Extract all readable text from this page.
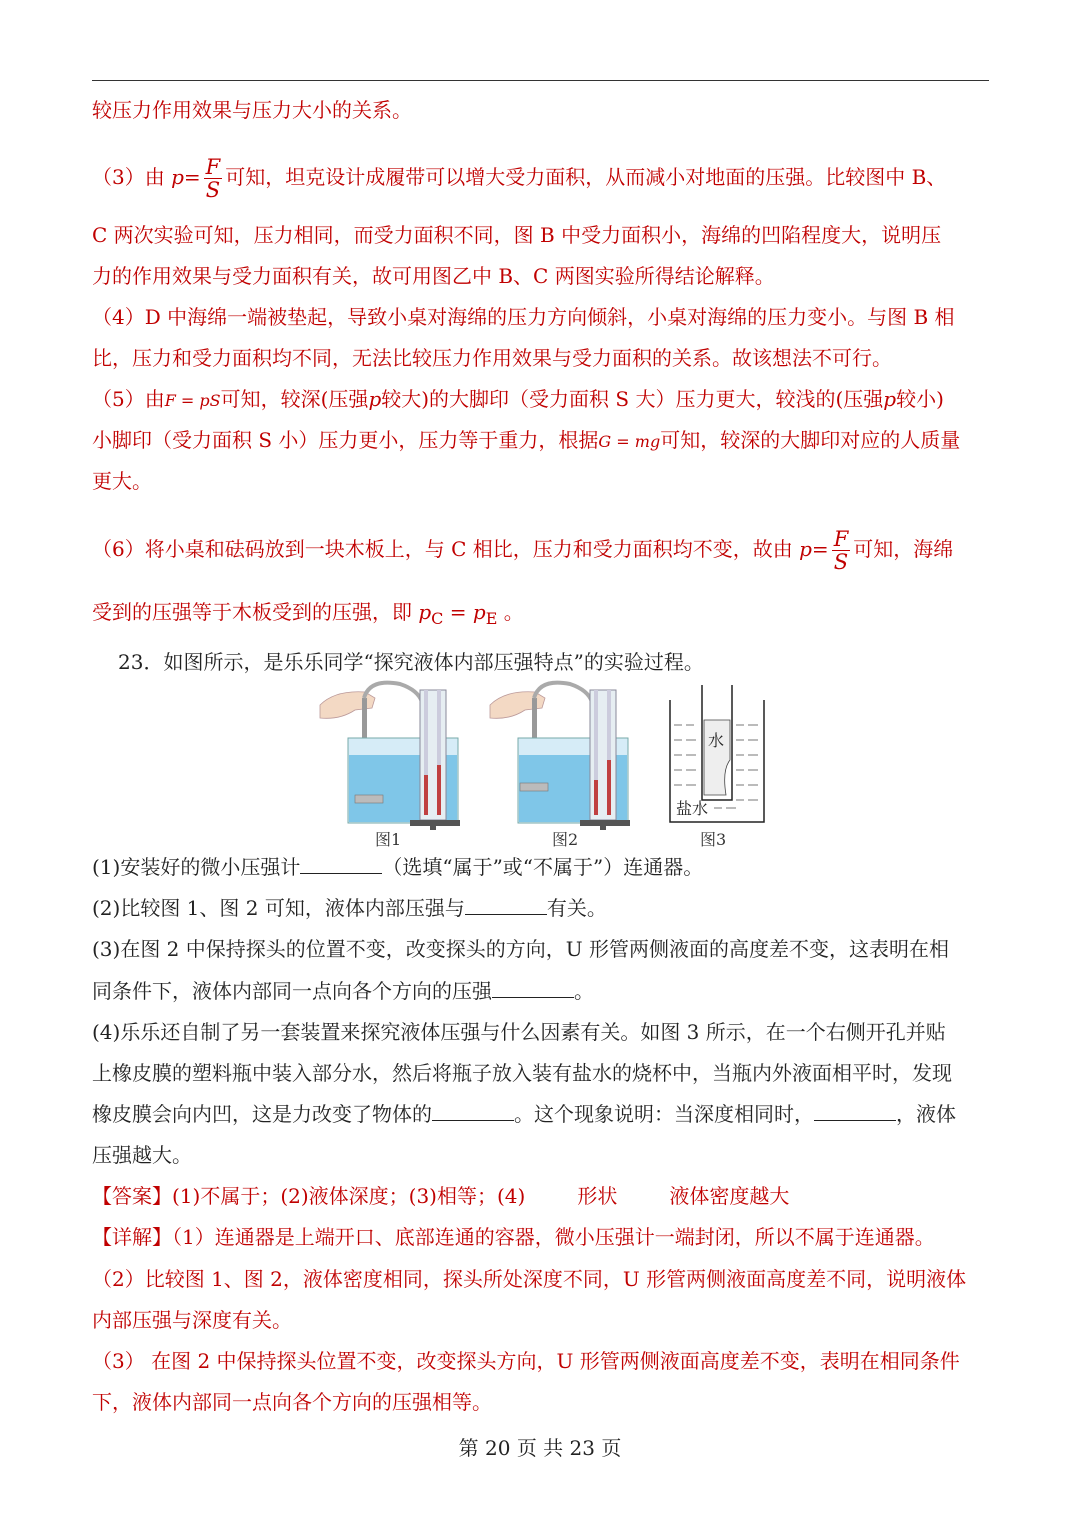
较压力作用效果与压力大小的关系。
（3）由 $p= \frac{F}{S}$ 可知，坦克设计成履带可以增大受力面积，从而减小对地面的压强。比较图中 B、
C 两次实验可知，压力相同，而受力面积不同，图 B 中受力面积小，海绵的凹陷程度大，说明压
力的作用效果与受力面积有关，故可用图乙中 B、C 两图实验所得结论解释。
（4）D 中海绵一端被垫起，导致小桌对海绵的压力方向倾斜，小桌对海绵的压力变小。与图 B 相
比，压力和受力面积均不同，无法比较压力作用效果与受力面积的关系。故该想法不可行。
（5）由F = pS可知，较深(压强p较大)的大脚印（受力面积 S 大）压力更大，较浅的(压强p较小)
小脚印（受力面积 S 小）压力更小，压力等于重力，根据G = mg可知，较深的大脚印对应的人质量
更大。
（6）将小桌和砝码放到一块木板上，与 C 相比，压力和受力面积均不变，故由 $p= \frac{F}{S}$ 可知，海绵
受到的压强等于木板受到的压强，即 $p_C = p_E$ 。
23．如图所示，是乐乐同学“探究液体内部压强特点”的实验过程。
图1	图2
水
盐水
图3
(1)安装好的微小压强计	（选填“属于”或“不属于”）连通器。
(2)比较图 1、图 2 可知，液体内部压强与	有关。
(3)在图 2 中保持探头的位置不变，改变探头的方向，U 形管两侧液面的高度差不变，这表明在相
同条件下，液体内部同一点向各个方向的压强	。
(4)乐乐还自制了另一套装置来探究液体压强与什么因素有关。如图 3 所示，在一个右侧开孔并贴
上橡皮膜的塑料瓶中装入部分水，然后将瓶子放入装有盐水的烧杯中，当瓶内外液面相平时，发现
橡皮膜会向内凹，这是力改变了物体的	。这个现象说明：当深度相同时，	，液体
压强越大。
【答案】(1)不属于；(2)液体深度；(3)相等；(4)	形状	液体密度越大
【详解】（1）连通器是上端开口、底部连通的容器，微小压强计一端封闭，所以不属于连通器。
（2）比较图 1、图 2，液体密度相同，探头所处深度不同，U 形管两侧液面高度差不同，说明液体
内部压强与深度有关。
（3） 在图 2 中保持探头位置不变，改变探头方向，U 形管两侧液面高度差不变，表明在相同条件
下，液体内部同一点向各个方向的压强相等。
第 20 页 共 23 页
